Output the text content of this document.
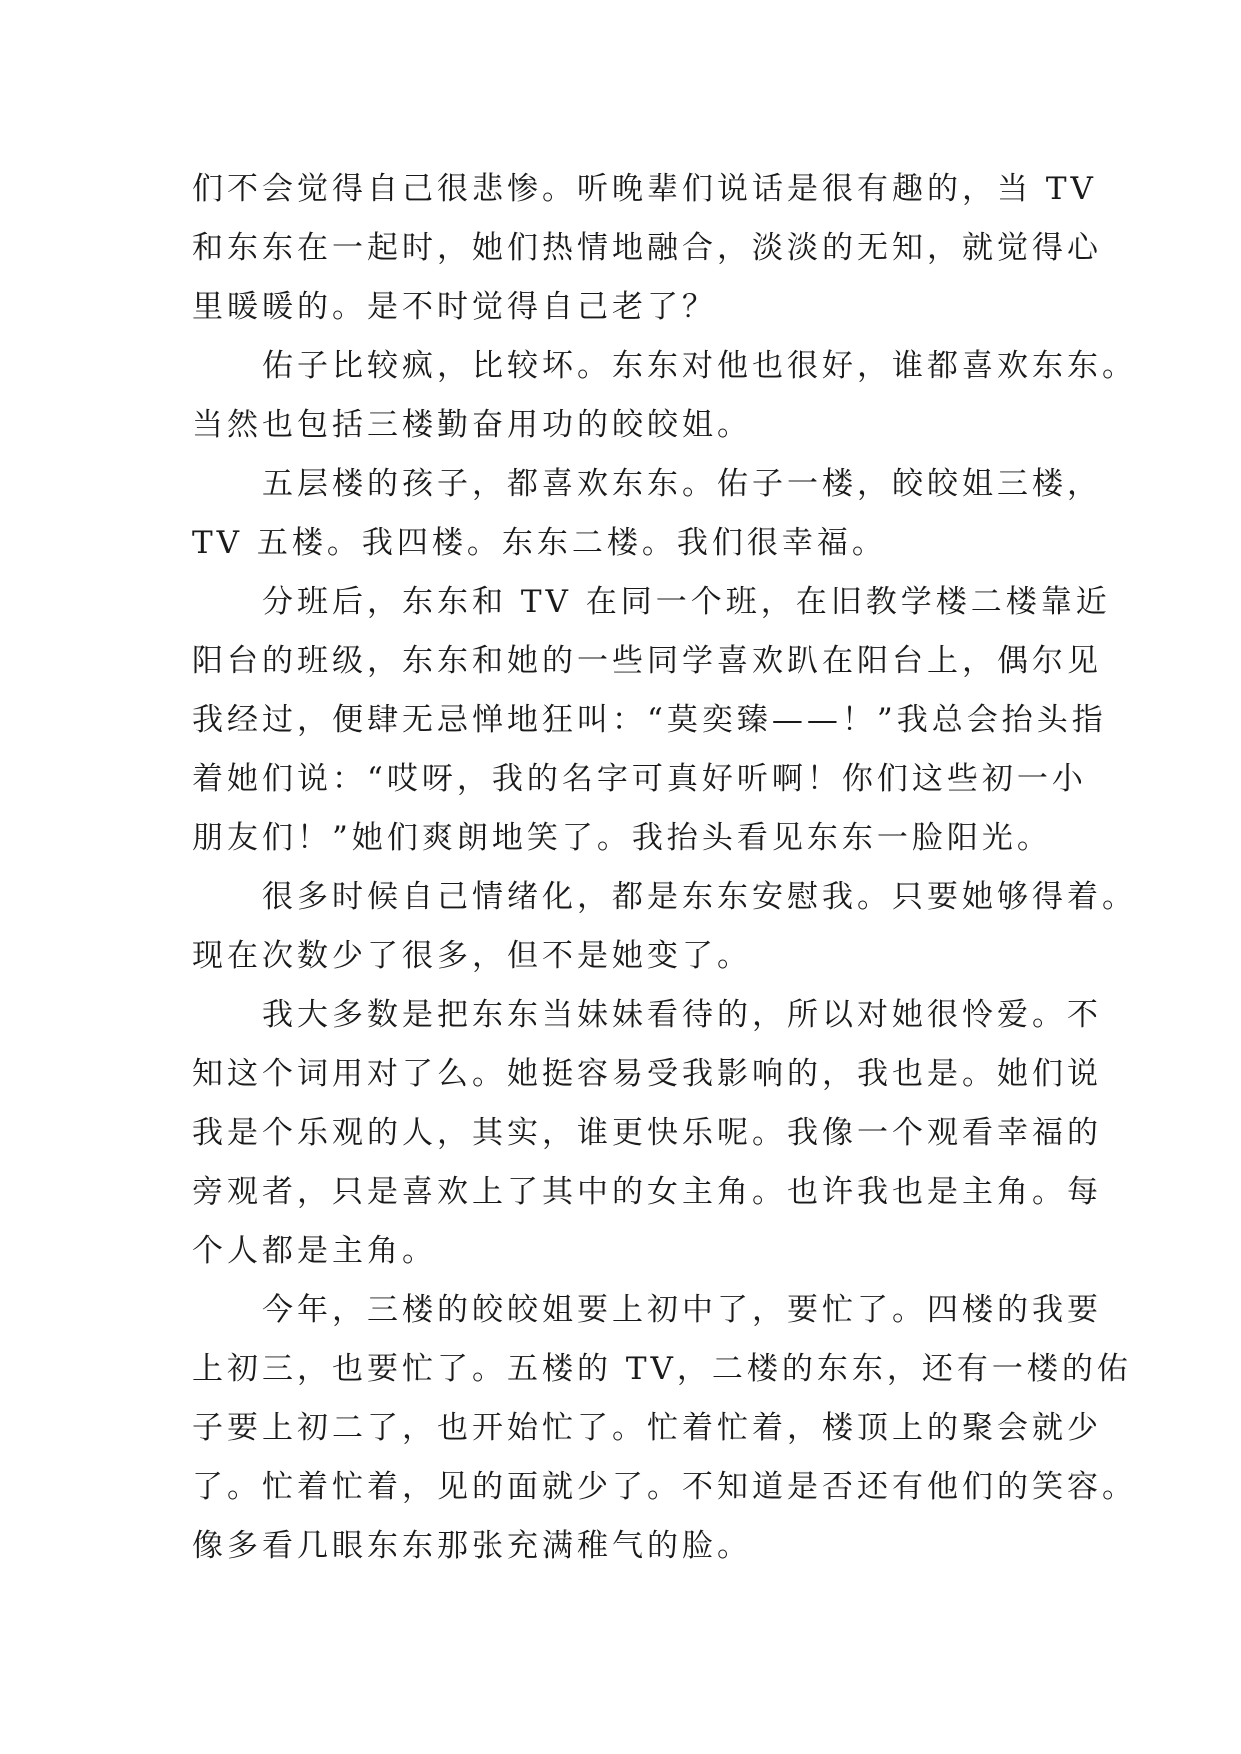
们不会觉得自己很悲惨。听晚辈们说话是很有趣的，当 TV
和东东在一起时，她们热情地融合，淡淡的无知，就觉得心
里暖暖的。是不时觉得自己老了？
　　佑子比较疯，比较坏。东东对他也很好，谁都喜欢东东。
当然也包括三楼勤奋用功的皎皎姐。
　　五层楼的孩子，都喜欢东东。佑子一楼，皎皎姐三楼，
TV 五楼。我四楼。东东二楼。我们很幸福。
　　分班后，东东和 TV 在同一个班，在旧教学楼二楼靠近
阳台的班级，东东和她的一些同学喜欢趴在阳台上，偶尔见
我经过，便肆无忌惮地狂叫：“莫奕臻——！”我总会抬头指
着她们说：“哎呀，我的名字可真好听啊！你们这些初一小
朋友们！”她们爽朗地笑了。我抬头看见东东一脸阳光。
　　很多时候自己情绪化，都是东东安慰我。只要她够得着。
现在次数少了很多，但不是她变了。
　　我大多数是把东东当妹妹看待的，所以对她很怜爱。不
知这个词用对了么。她挺容易受我影响的，我也是。她们说
我是个乐观的人，其实，谁更快乐呢。我像一个观看幸福的
旁观者，只是喜欢上了其中的女主角。也许我也是主角。每
个人都是主角。
　　今年，三楼的皎皎姐要上初中了，要忙了。四楼的我要
上初三，也要忙了。五楼的 TV，二楼的东东，还有一楼的佑
子要上初二了，也开始忙了。忙着忙着，楼顶上的聚会就少
了。忙着忙着，见的面就少了。不知道是否还有他们的笑容。
像多看几眼东东那张充满稚气的脸。
